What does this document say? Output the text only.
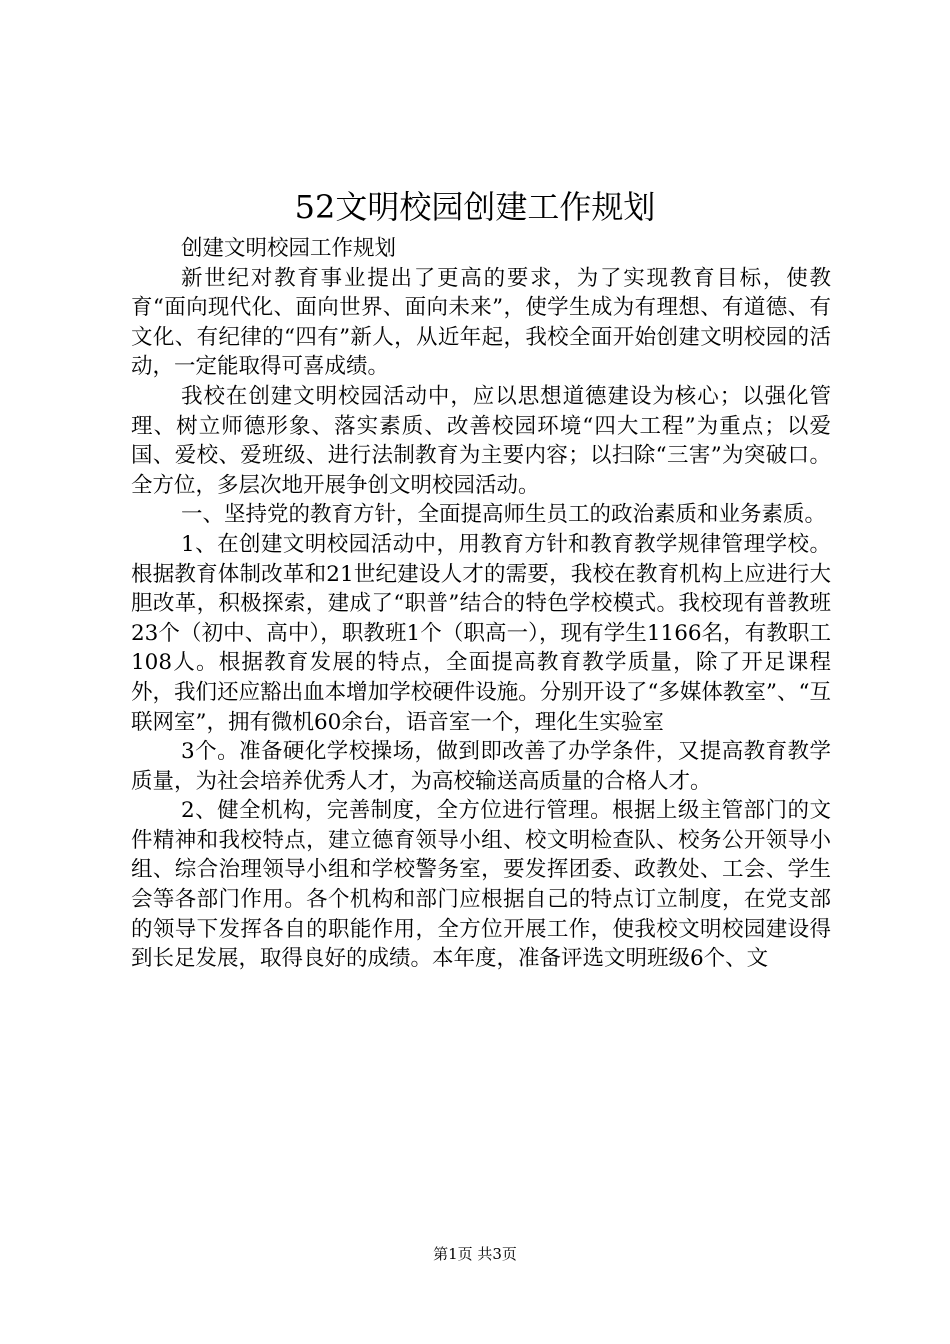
52文明校园创建工作规划

创建文明校园工作规划

新世纪对教育事业提出了更高的要求，为了实现教育目标，使教育“面向现代化、面向世界、面向未来”，使学生成为有理想、有道德、有文化、有纪律的“四有”新人，从近年起，我校全面开始创建文明校园的活动，一定能取得可喜成绩。

我校在创建文明校园活动中，应以思想道德建设为核心；以强化管理、树立师德形象、落实素质、改善校园环境“四大工程”为重点；以爱国、爱校、爱班级、进行法制教育为主要内容；以扫除“三害”为突破口。全方位，多层次地开展争创文明校园活动。

一、坚持党的教育方针，全面提高师生员工的政治素质和业务素质。

1、在创建文明校园活动中，用教育方针和教育教学规律管理学校。根据教育体制改革和21世纪建设人才的需要，我校在教育机构上应进行大胆改革，积极探索，建成了“职普”结合的特色学校模式。我校现有普教班23个（初中、高中），职教班1个（职高一），现有学生1166名，有教职工108人。根据教育发展的特点，全面提高教育教学质量，除了开足课程外，我们还应豁出血本增加学校硬件设施。分别开设了“多媒体教室”、“互联网室”，拥有微机60余台，语音室一个，理化生实验室

3个。准备硬化学校操场，做到即改善了办学条件，又提高教育教学质量，为社会培养优秀人才，为高校输送高质量的合格人才。

2、健全机构，完善制度，全方位进行管理。根据上级主管部门的文件精神和我校特点，建立德育领导小组、校文明检查队、校务公开领导小组、综合治理领导小组和学校警务室，要发挥团委、政教处、工会、学生会等各部门作用。各个机构和部门应根据自己的特点订立制度，在党支部的领导下发挥各自的职能作用，全方位开展工作，使我校文明校园建设得到长足发展，取得良好的成绩。本年度，准备评选文明班级6个、文

第1页 共3页
